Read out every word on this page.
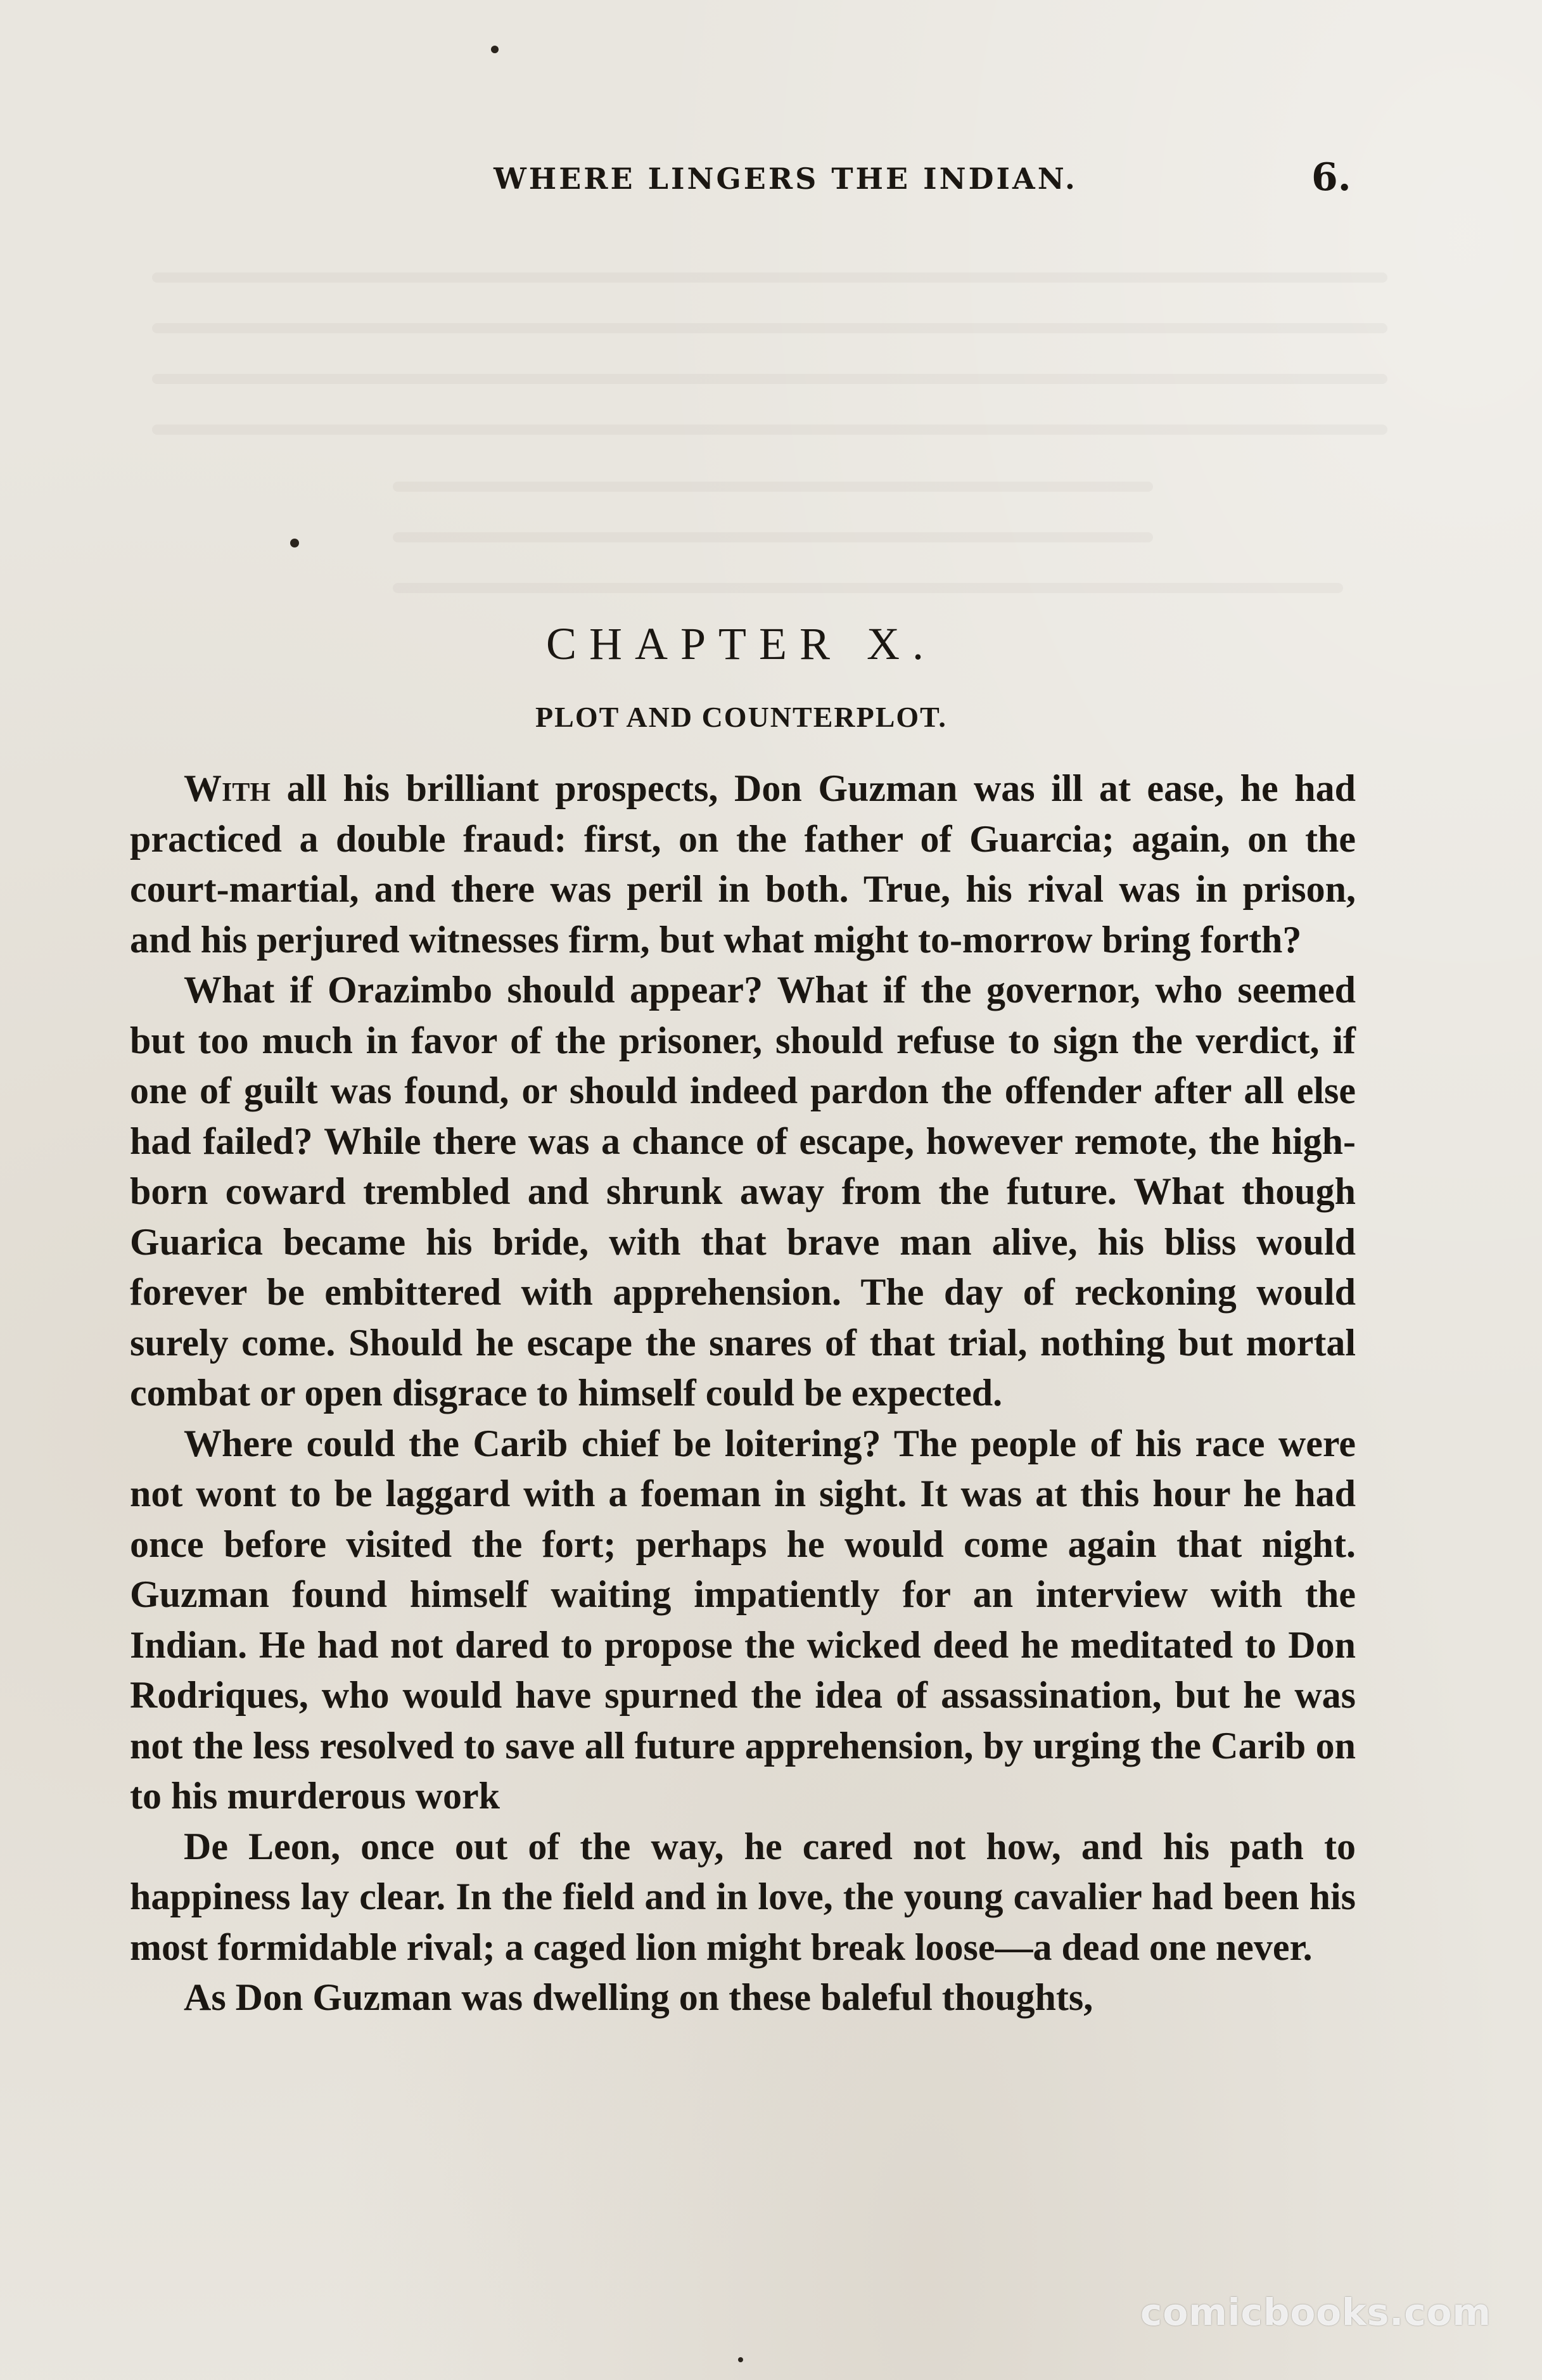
WHERE LINGERS THE INDIAN.	6.
CHAPTER X.
PLOT AND COUNTERPLOT.

With all his brilliant prospects, Don Guzman was ill at ease, he had practiced a double fraud: first, on the father of Guarcia; again, on the court-martial, and there was peril in both. True, his rival was in prison, and his perjured witnesses firm, but what might to-morrow bring forth?

What if Orazimbo should appear? What if the governor, who seemed but too much in favor of the prisoner, should refuse to sign the verdict, if one of guilt was found, or should indeed pardon the offender after all else had failed? While there was a chance of escape, however remote, the high-born coward trembled and shrunk away from the future. What though Guarica became his bride, with that brave man alive, his bliss would forever be embittered with apprehension. The day of reckoning would surely come. Should he escape the snares of that trial, nothing but mortal combat or open disgrace to himself could be expected.

Where could the Carib chief be loitering? The people of his race were not wont to be laggard with a foeman in sight. It was at this hour he had once before visited the fort; perhaps he would come again that night. Guzman found himself waiting impatiently for an interview with the Indian. He had not dared to propose the wicked deed he meditated to Don Rodriques, who would have spurned the idea of assassination, but he was not the less resolved to save all future apprehension, by urging the Carib on to his murderous work

De Leon, once out of the way, he cared not how, and his path to happiness lay clear. In the field and in love, the young cavalier had been his most formidable rival; a caged lion might break loose—a dead one never.

As Don Guzman was dwelling on these baleful thoughts,

comicbooks.com
